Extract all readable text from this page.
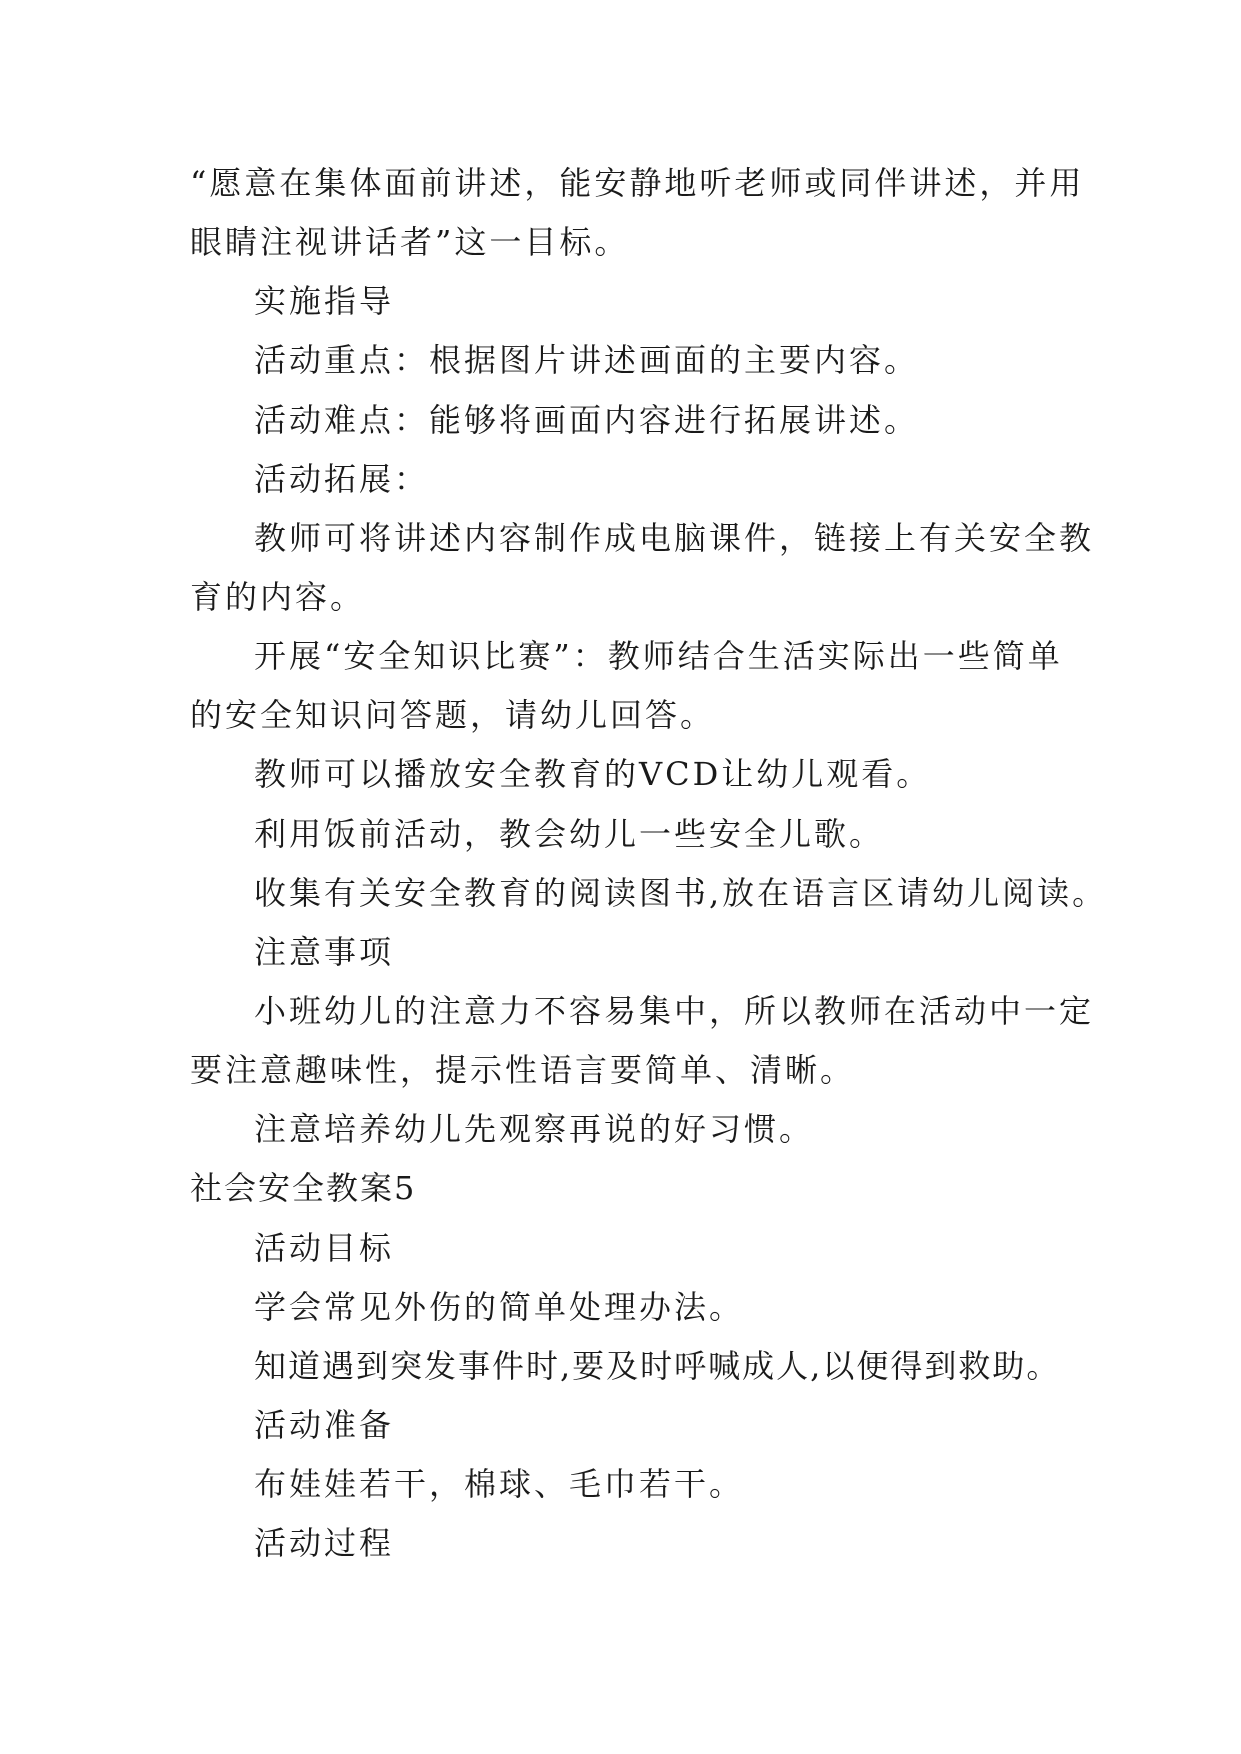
“愿意在集体面前讲述，能安静地听老师或同伴讲述，并用
眼睛注视讲话者”这一目标。
实施指导
活动重点：根据图片讲述画面的主要内容。
活动难点：能够将画面内容进行拓展讲述。
活动拓展：
教师可将讲述内容制作成电脑课件，链接上有关安全教
育的内容。
开展“安全知识比赛”：教师结合生活实际出一些简单
的安全知识问答题，请幼儿回答。
教师可以播放安全教育的VCD让幼儿观看。
利用饭前活动，教会幼儿一些安全儿歌。
收集有关安全教育的阅读图书,放在语言区请幼儿阅读。
注意事项
小班幼儿的注意力不容易集中，所以教师在活动中一定
要注意趣味性，提示性语言要简单、清晰。
注意培养幼儿先观察再说的好习惯。
社会安全教案5
活动目标
学会常见外伤的简单处理办法。
知道遇到突发事件时,要及时呼喊成人,以便得到救助。
活动准备
布娃娃若干，棉球、毛巾若干。
活动过程
